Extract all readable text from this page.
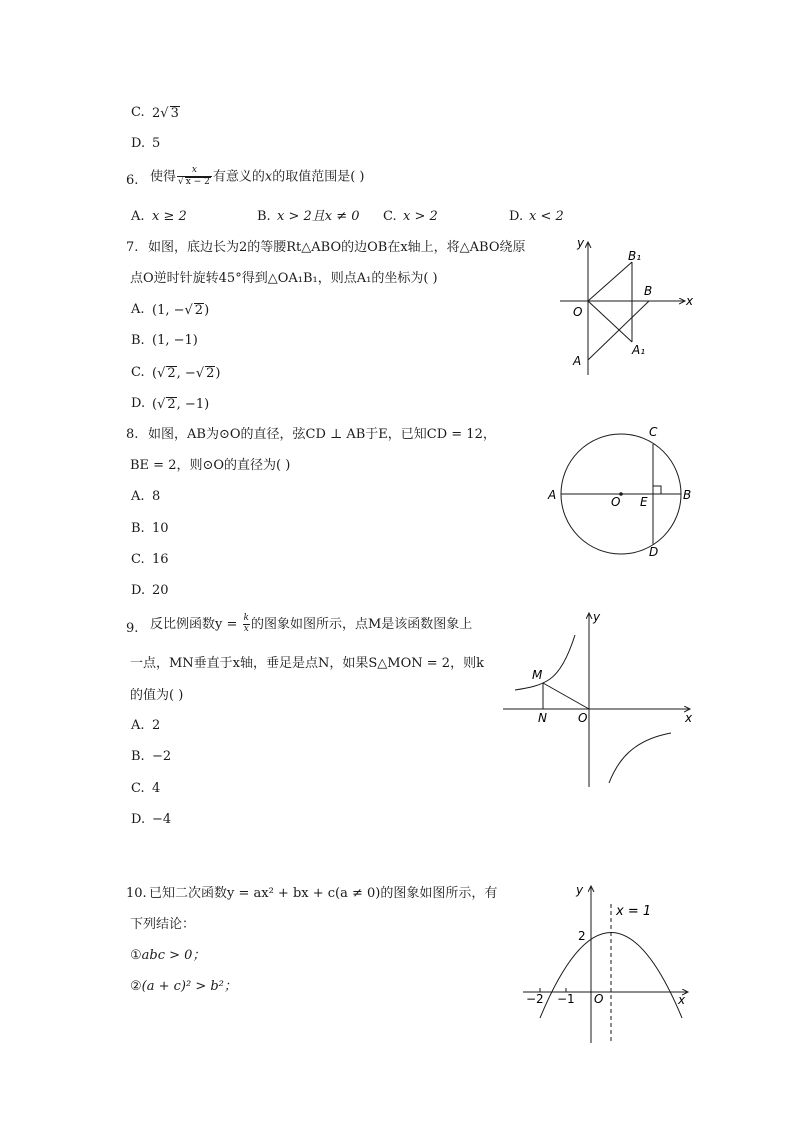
C. 2√ 3
D. 5
6. 使得 $\frac{x}{√ x - 2}$ 有意义的x的取值范围是( )
A. x ≥ 2	B. x > 2且x ≠ 0 C. x > 2	D. x < 2
7. 如图，底边长为2的等腰Rt△ABO的边OB在x轴上，将△ABO绕原
点O逆时针旋转45°得到△OA₁B₁，则点A₁的坐标为( )
A. (1, −√ 2)
B. (1, −1)
C. (√ 2, −√ 2)
D. (√ 2, −1)
y
x
B₁
B
O
A₁
A
8. 如图，AB为⊙O的直径，弦CD ⊥ AB于E，已知CD = 12，
BE = 2，则⊙O的直径为( )
A. 8
B. 10
C. 16
D. 20
C
A	O E	B
D
9. 反比例函数$y = \frac{k}{x}$ 的图象如图所示，点M是该函数图象上
一点，MN垂直于x轴，垂足是点N，如果S△MON = 2，则k
的值为( )
A. 2
B. −2
C. 4
D. −4
y
M
N	O	x
10. 已知二次函数y = ax² + bx + c(a ≠ 0)的图象如图所示，有
下列结论：
①abc > 0；
②(a + c)² > b²；
y
x = 1
2
−2 −1 O	x
